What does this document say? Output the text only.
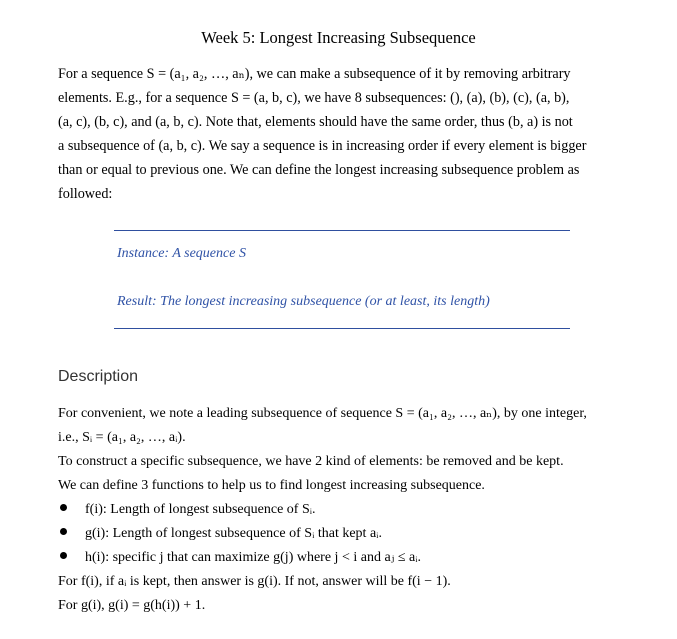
Week 5: Longest Increasing Subsequence
For a sequence S = (a₁, a₂, …, aₙ), we can make a subsequence of it by removing arbitrary
elements. E.g., for a sequence S = (a, b, c), we have 8 subsequences: (), (a), (b), (c), (a, b),
(a, c), (b, c), and (a, b, c). Note that, elements should have the same order, thus (b, a) is not
a subsequence of (a, b, c). We say a sequence is in increasing order if every element is bigger
than or equal to previous one. We can define the longest increasing subsequence problem as
followed:
Instance: A sequence S
Result: The longest increasing subsequence (or at least, its length)
Description
For convenient, we note a leading subsequence of sequence S = (a₁, a₂, …, aₙ), by one integer,
i.e., Sᵢ = (a₁, a₂, …, aᵢ).
To construct a specific subsequence, we have 2 kind of elements: be removed and be kept.
We can define 3 functions to help us to find longest increasing subsequence.
f(i): Length of longest subsequence of Sᵢ.
g(i): Length of longest subsequence of Sᵢ that kept aᵢ.
h(i): specific j that can maximize g(j) where j < i and aⱼ ≤ aᵢ.
For f(i), if aᵢ is kept, then answer is g(i). If not, answer will be f(i − 1).
For g(i), g(i) = g(h(i)) + 1.
